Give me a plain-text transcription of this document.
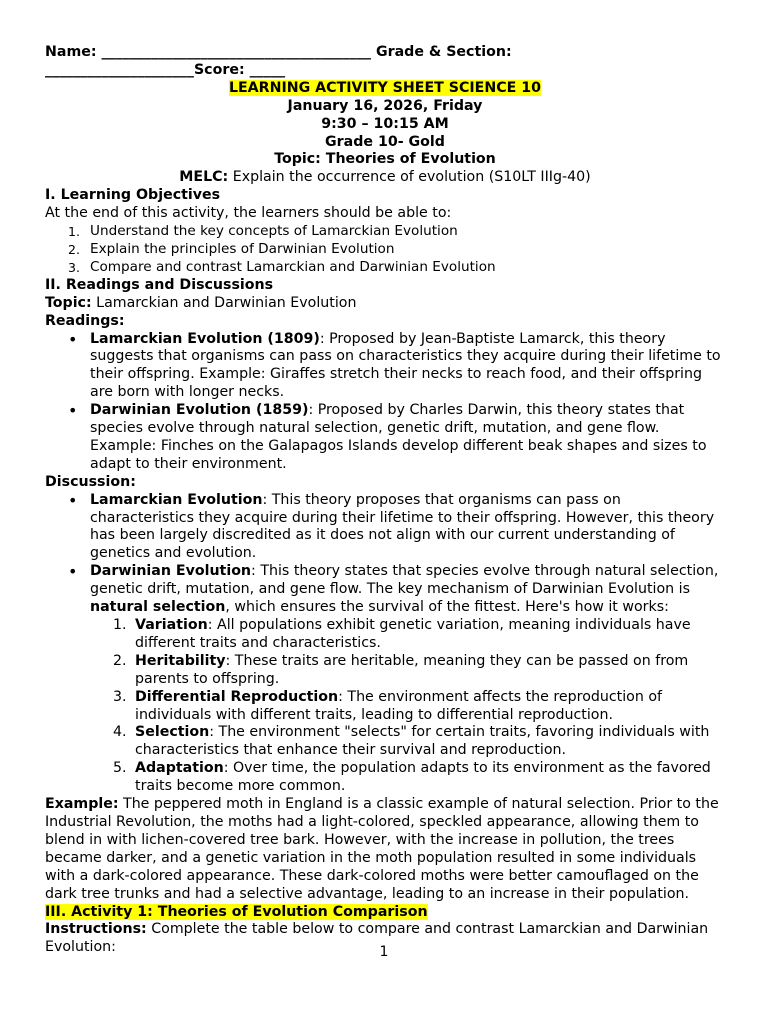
Name: ______________________________________ Grade & Section:
_____________________Score: _____
LEARNING ACTIVITY SHEET SCIENCE 10
January 16, 2026, Friday
9:30 – 10:15 AM
Grade 10- Gold
Topic: Theories of Evolution
MELC: Explain the occurrence of evolution (S10LT IIIg-40)
I. Learning Objectives
At the end of this activity, the learners should be able to:
1. Understand the key concepts of Lamarckian Evolution
2. Explain the principles of Darwinian Evolution
3. Compare and contrast Lamarckian and Darwinian Evolution
II. Readings and Discussions
Topic: Lamarckian and Darwinian Evolution
Readings:
• Lamarckian Evolution (1809): Proposed by Jean-Baptiste Lamarck, this theory suggests that organisms can pass on characteristics they acquire during their lifetime to their offspring. Example: Giraffes stretch their necks to reach food, and their offspring are born with longer necks.
• Darwinian Evolution (1859): Proposed by Charles Darwin, this theory states that species evolve through natural selection, genetic drift, mutation, and gene flow. Example: Finches on the Galapagos Islands develop different beak shapes and sizes to adapt to their environment.
Discussion:
• Lamarckian Evolution: This theory proposes that organisms can pass on characteristics they acquire during their lifetime to their offspring. However, this theory has been largely discredited as it does not align with our current understanding of genetics and evolution.
• Darwinian Evolution: This theory states that species evolve through natural selection, genetic drift, mutation, and gene flow. The key mechanism of Darwinian Evolution is natural selection, which ensures the survival of the fittest. Here's how it works:
1. Variation: All populations exhibit genetic variation, meaning individuals have different traits and characteristics.
2. Heritability: These traits are heritable, meaning they can be passed on from parents to offspring.
3. Differential Reproduction: The environment affects the reproduction of individuals with different traits, leading to differential reproduction.
4. Selection: The environment "selects" for certain traits, favoring individuals with characteristics that enhance their survival and reproduction.
5. Adaptation: Over time, the population adapts to its environment as the favored traits become more common.

Example: The peppered moth in England is a classic example of natural selection. Prior to the Industrial Revolution, the moths had a light-colored, speckled appearance, allowing them to blend in with lichen-covered tree bark. However, with the increase in pollution, the trees became darker, and a genetic variation in the moth population resulted in some individuals with a dark-colored appearance. These dark-colored moths were better camouflaged on the dark tree trunks and had a selective advantage, leading to an increase in their population.

III. Activity 1: Theories of Evolution Comparison

Instructions: Complete the table below to compare and contrast Lamarckian and Darwinian Evolution:	1
